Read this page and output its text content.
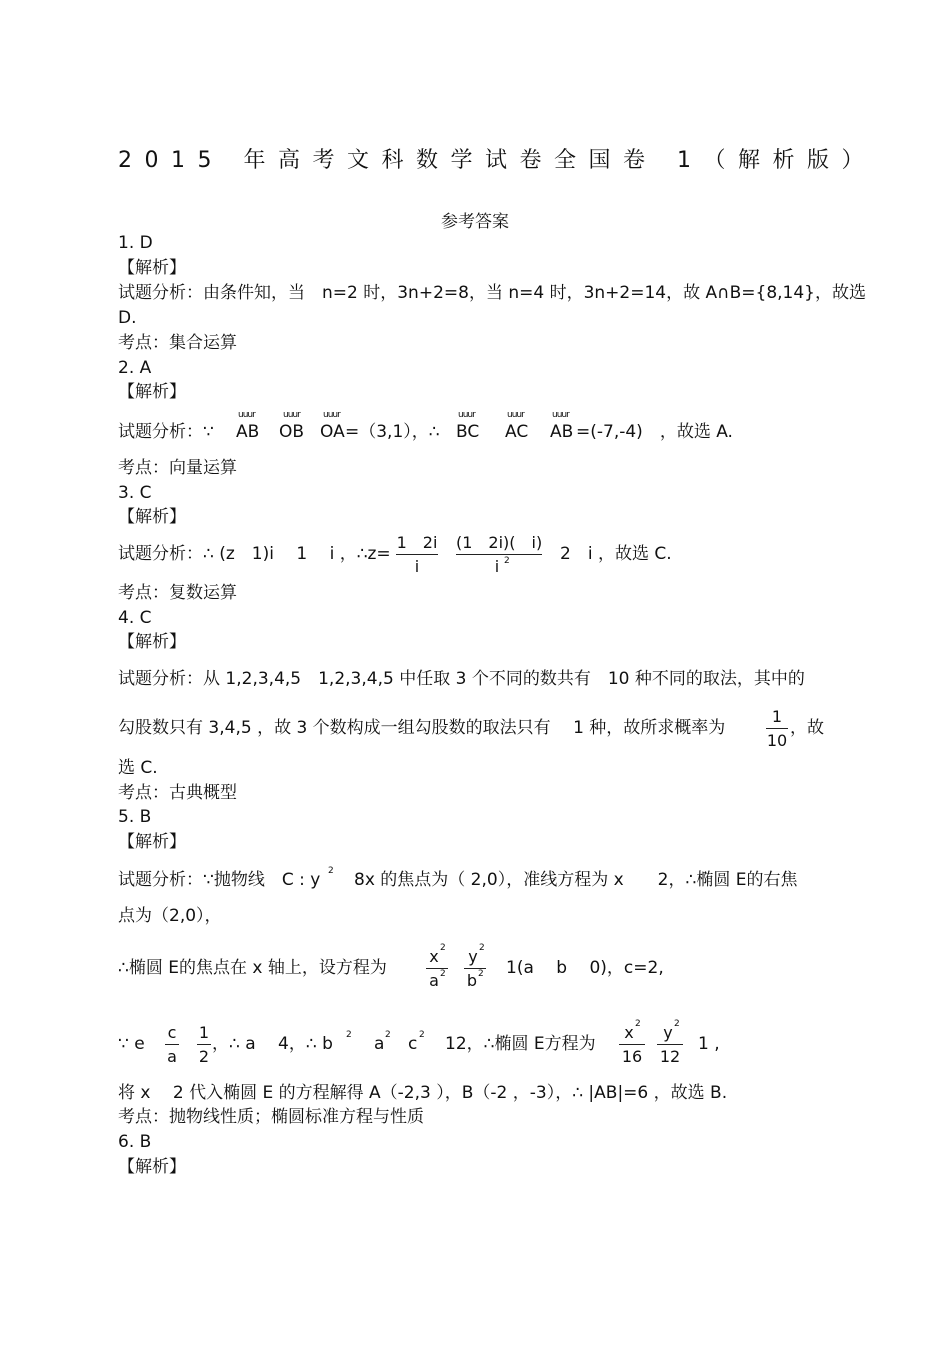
2015 年高考文科数学试卷全国卷 1（解析版）
参考答案
1. D
【解析】
试题分析：由条件知，当　n=2 时，3n+2=8，当 n=4 时，3n+2=14，故 A∩B={8,14}，故选
D.
考点：集合运算
2. A
【解析】
试题分析：∵
uuur
AB
uuur
OB
uuur
OA =（3,1），∴
uuur
BC
uuur
AC
uuur
AB =(-7,-4)　，故选 A.
考点：向量运算
3. C
【解析】
试题分析：∴ (z　1)i　 1　 i ，∴z=
1　2i
i
(1　2i)(　i)
i 2	2　i ，故选 C.
考点：复数运算
4. C
【解析】
试题分析：从 1,2,3,4,5　1,2,3,4,5 中任取 3 个不同的数共有　10 种不同的取法，其中的
勾股数只有 3,4,5 ，故 3 个数构成一组勾股数的取法只有　 1 种，故所求概率为
1
10
，故
选 C.
考点：古典概型
5. B
【解析】
试题分析：∵抛物线　C : y 2 8x 的焦点为（ 2,0），准线方程为 x　　2，∴椭圆 E的右焦
点为（2,0），
∴椭圆 E的焦点在 x 轴上，设方程为
x 2
a 2
y 2
b 2 1(a　 b　 0)，c=2,
∵ e
c
a
1
2
，∴ a　 4，∴ b 2 a 2 c 2 12，∴椭圆 E方程为
x 2
16
y 2
12
1 ,
将 x　 2 代入椭圆 E 的方程解得 A（-2,3 ），B（-2 ，-3），∴ |AB|=6 ，故选 B.
考点：抛物线性质；椭圆标准方程与性质
6. B
【解析】
